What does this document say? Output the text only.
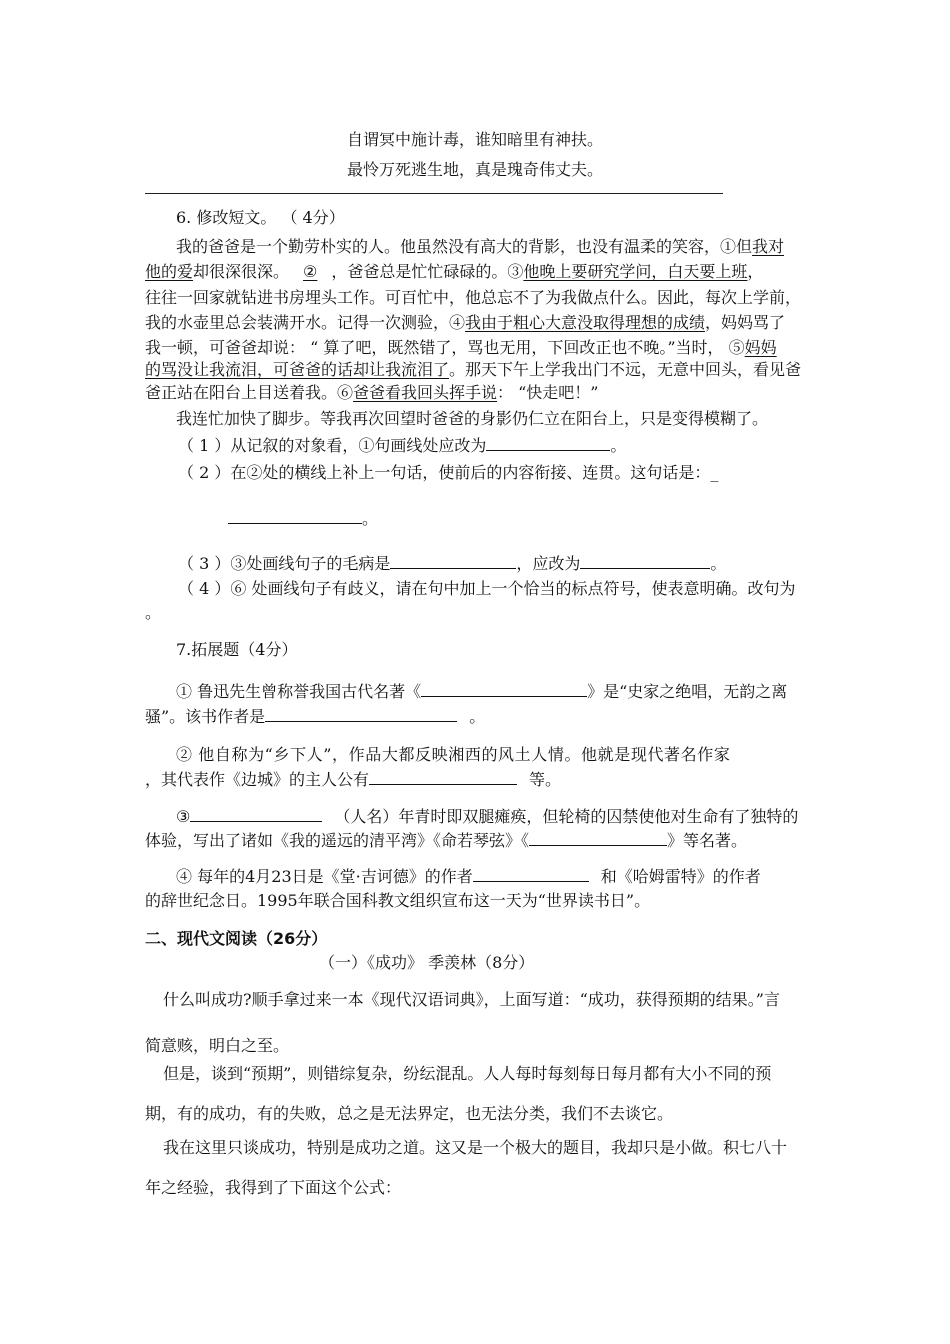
自谓冥中施计毒，谁知暗里有神扶。
最怜万死逃生地，真是瑰奇伟丈夫。
6. 修改短文。 （ 4分）
我的爸爸是一个勤劳朴实的人。他虽然没有高大的背影，也没有温柔的笑容，①但我对
他的爱却很深很深。 ② ，爸爸总是忙忙碌碌的。③他晚上要研究学问，白天要上班，
往往一回家就钻进书房埋头工作。可百忙中，他总忘不了为我做点什么。因此，每次上学前，
我的水壶里总会装满开水。记得一次测验，④我由于粗心大意没取得理想的成绩，妈妈骂了
我一顿，可爸爸却说： “ 算了吧，既然错了，骂也无用，下回改正也不晚。”当时， ⑤妈妈
的骂没让我流泪，可爸爸的话却让我流泪了。那天下午上学我出门不远，无意中回头，看见爸
爸正站在阳台上目送着我。⑥爸爸看我回头挥手说： “快走吧！”
我连忙加快了脚步。等我再次回望时爸爸的身影仍仁立在阳台上，只是变得模糊了。
（ 1 ）从记叙的对象看，①句画线处应改为	。
（ 2 ）在②处的横线上补上一句话，使前后的内容衔接、连贯。这句话是：_
。
（ 3 ）③处画线句子的毛病是	，应改为	。
（ 4 ）⑥ 处画线句子有歧义，请在句中加上一个恰当的标点符号，使表意明确。改句为
。
7.拓展题（4分）
① 鲁迅先生曾称誉我国古代名著《	》是“史家之绝唱，无韵之离
骚”。该书作者是	。
② 他自称为“乡下人”，作品大都反映湘西的风土人情。他就是现代著名作家
，其代表作《边城》的主人公有	等。
③	（人名）年青时即双腿瘫痪，但轮椅的囚禁使他对生命有了独特的
体验，写出了诸如《我的遥远的清平湾》《命若琴弦》《	》等名著。
④ 每年的4月23日是《堂·吉诃德》的作者	和《哈姆雷特》的作者
的辞世纪念日。1995年联合国科教文组织宣布这一天为“世界读书日”。
二、现代文阅读（26分）
（一）《成功》 季羡林（8分）
什么叫成功?顺手拿过来一本《现代汉语词典》，上面写道：“成功，获得预期的结果。”言
简意赅，明白之至。
但是，谈到“预期”，则错综复杂，纷纭混乱。人人每时每刻每日每月都有大小不同的预
期，有的成功，有的失败，总之是无法界定，也无法分类，我们不去谈它。
我在这里只谈成功，特别是成功之道。这又是一个极大的题目，我却只是小做。积七八十
年之经验，我得到了下面这个公式：
